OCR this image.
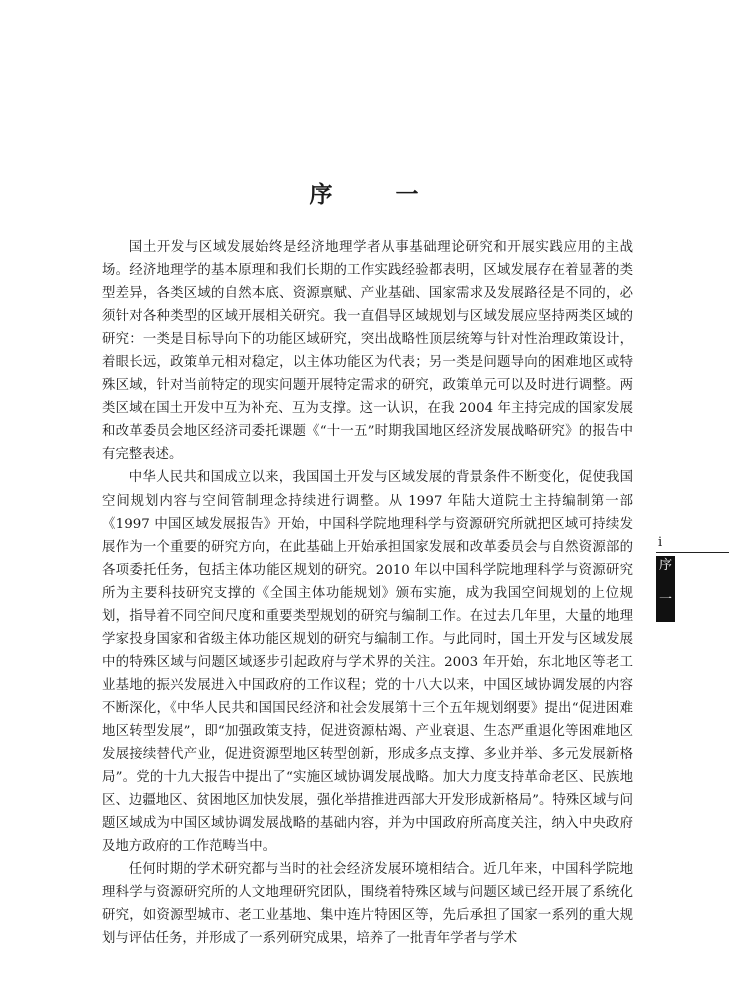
序	一

国土开发与区域发展始终是经济地理学者从事基础理论研究和开展实践应用的主战场。经济地理学的基本原理和我们长期的工作实践经验都表明，区域发展存在着显著的类型差异，各类区域的自然本底、资源禀赋、产业基础、国家需求及发展路径是不同的，必须针对各种类型的区域开展相关研究。我一直倡导区域规划与区域发展应坚持两类区域的研究：一类是目标导向下的功能区域研究，突出战略性顶层统筹与针对性治理政策设计，着眼长远，政策单元相对稳定，以主体功能区为代表；另一类是问题导向的困难地区或特殊区域，针对当前特定的现实问题开展特定需求的研究，政策单元可以及时进行调整。两类区域在国土开发中互为补充、互为支撑。这一认识，在我 2004 年主持完成的国家发展和改革委员会地区经济司委托课题《“十一五”时期我国地区经济发展战略研究》的报告中有完整表述。

中华人民共和国成立以来，我国国土开发与区域发展的背景条件不断变化，促使我国空间规划内容与空间管制理念持续进行调整。从 1997 年陆大道院士主持编制第一部《1997 中国区域发展报告》开始，中国科学院地理科学与资源研究所就把区域可持续发展作为一个重要的研究方向，在此基础上开始承担国家发展和改革委员会与自然资源部的各项委托任务，包括主体功能区规划的研究。2010 年以中国科学院地理科学与资源研究所为主要科技研究支撑的《全国主体功能规划》颁布实施，成为我国空间规划的上位规划，指导着不同空间尺度和重要类型规划的研究与编制工作。在过去几年里，大量的地理学家投身国家和省级主体功能区规划的研究与编制工作。与此同时，国土开发与区域发展中的特殊区域与问题区域逐步引起政府与学术界的关注。2003 年开始，东北地区等老工业基地的振兴发展进入中国政府的工作议程；党的十八大以来，中国区域协调发展的内容不断深化，《中华人民共和国国民经济和社会发展第十三个五年规划纲要》提出“促进困难地区转型发展”，即“加强政策支持，促进资源枯竭、产业衰退、生态严重退化等困难地区发展接续替代产业，促进资源型地区转型创新，形成多点支撑、多业并举、多元发展新格局”。党的十九大报告中提出了“实施区域协调发展战略。加大力度支持革命老区、民族地区、边疆地区、贫困地区加快发展，强化举措推进西部大开发形成新格局”。特殊区域与问题区域成为中国区域协调发展战略的基础内容，并为中国政府所高度关注，纳入中央政府及地方政府的工作范畴当中。

任何时期的学术研究都与当时的社会经济发展环境相结合。近几年来，中国科学院地理科学与资源研究所的人文地理研究团队，围绕着特殊区域与问题区域已经开展了系统化研究，如资源型城市、老工业基地、集中连片特困区等，先后承担了国家一系列的重大规划与评估任务，并形成了一系列研究成果，培养了一批青年学者与学术

i
序
一
